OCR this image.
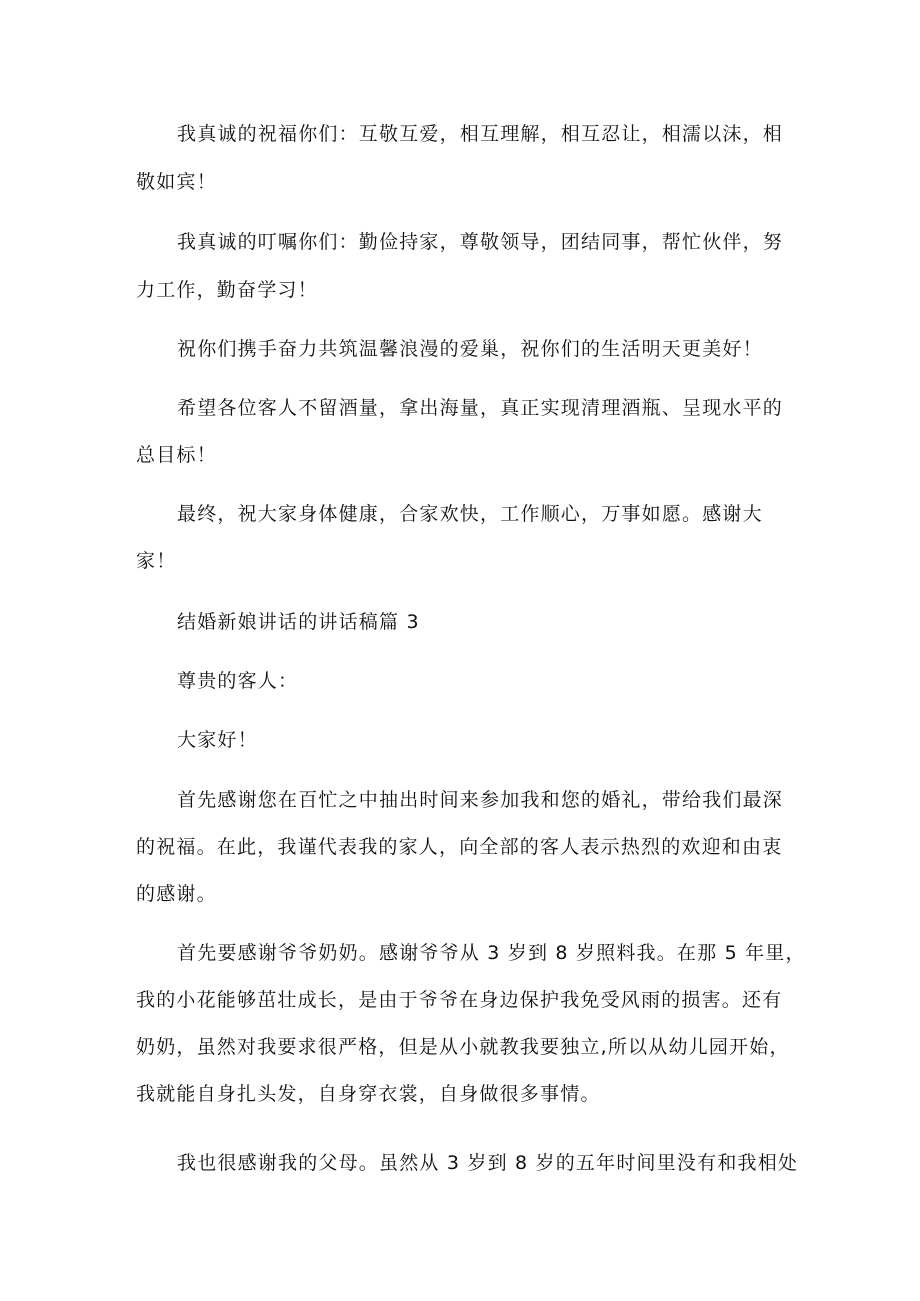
我真诚的祝福你们：互敬互爱，相互理解，相互忍让，相濡以沫，相
敬如宾！
我真诚的叮嘱你们：勤俭持家，尊敬领导，团结同事，帮忙伙伴，努
力工作，勤奋学习！
祝你们携手奋力共筑温馨浪漫的爱巢，祝你们的生活明天更美好！
希望各位客人不留酒量，拿出海量，真正实现清理酒瓶、呈现水平的
总目标！
最终，祝大家身体健康，合家欢快，工作顺心，万事如愿。感谢大
家！
结婚新娘讲话的讲话稿篇 3
尊贵的客人：
大家好！
首先感谢您在百忙之中抽出时间来参加我和您的婚礼，带给我们最深
的祝福。在此，我谨代表我的家人，向全部的客人表示热烈的欢迎和由衷
的感谢。
首先要感谢爷爷奶奶。感谢爷爷从 3 岁到 8 岁照料我。在那 5 年里，
我的小花能够茁壮成长，是由于爷爷在身边保护我免受风雨的损害。还有
奶奶，虽然对我要求很严格，但是从小就教我要独立,所以从幼儿园开始，
我就能自身扎头发，自身穿衣裳，自身做很多事情。
我也很感谢我的父母。虽然从 3 岁到 8 岁的五年时间里没有和我相处
